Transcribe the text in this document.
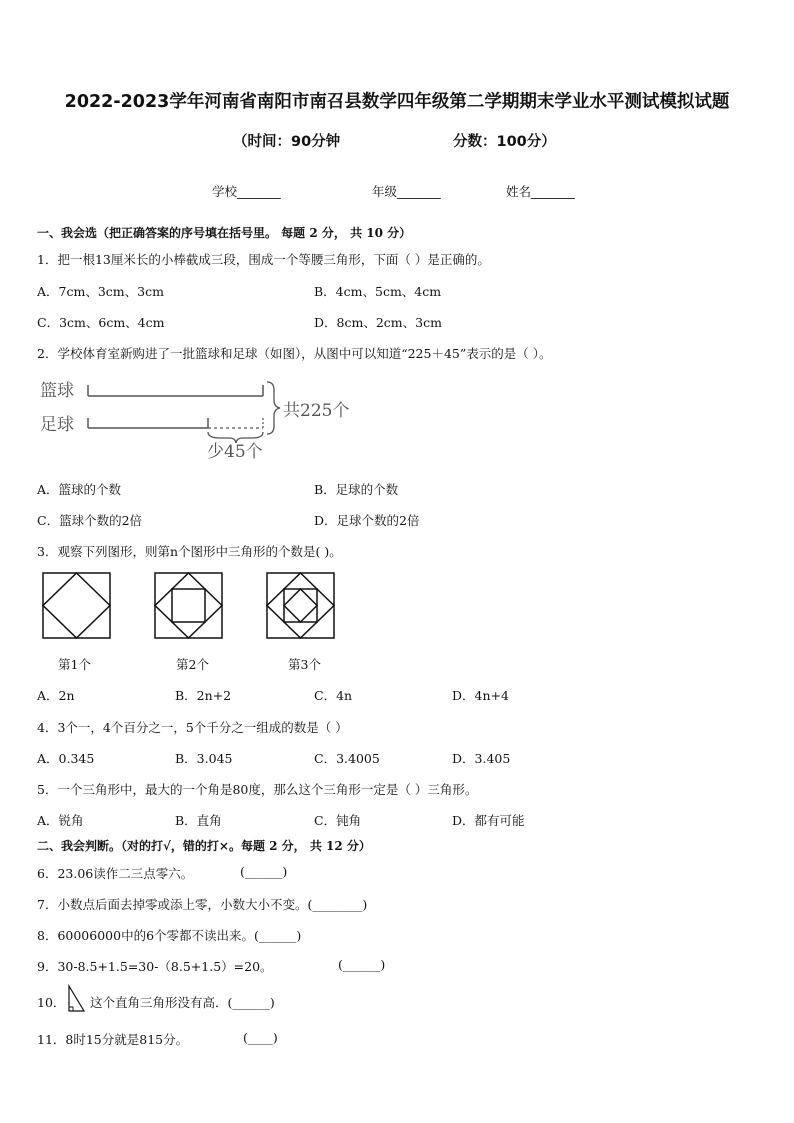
2022-2023学年河南省南阳市南召县数学四年级第二学期期末学业水平测试模拟试题
（时间：90分钟	分数：100分）
学校_______	年级_______	姓名_______
一、我会选（把正确答案的序号填在括号里。 每题 2 分， 共 10 分）
1．把一根13厘米长的小棒截成三段，围成一个等腰三角形，下面（ ）是正确的。
A．7cm、3cm、3cm	B．4cm、5cm、4cm
C．3cm、6cm、4cm	D．8cm、2cm、3cm
2．学校体育室新购进了一批篮球和足球（如图），从图中可以知道“225＋45”表示的是（ ）。
篮球
足球
共225个
少45个
A．篮球的个数	B．足球的个数
C．篮球个数的2倍	D．足球个数的2倍
3．观察下列图形，则第n个图形中三角形的个数是( )。
第1个	第2个	第3个
A．2n	B．2n+2	C．4n	D．4n+4
4．3个一，4个百分之一，5个千分之一组成的数是（ ）
A．0.345	B．3.045	C．3.4005	D．3.405
5．一个三角形中，最大的一个角是80度，那么这个三角形一定是（ ）三角形。
A．锐角	B．直角	C．钝角	D．都有可能
二、我会判断。（对的打√，错的打×。每题 2 分， 共 12 分）
6．23.06读作二三点零六。	(______)
7．小数点后面去掉零或添上零，小数大小不变。(________)
8．60006000中的6个零都不读出来。(______)
9．30-8.5+1.5=30-（8.5+1.5）=20。	(______)
10． 这个直角三角形没有高．(______)
11．8时15分就是815分。	(____)
